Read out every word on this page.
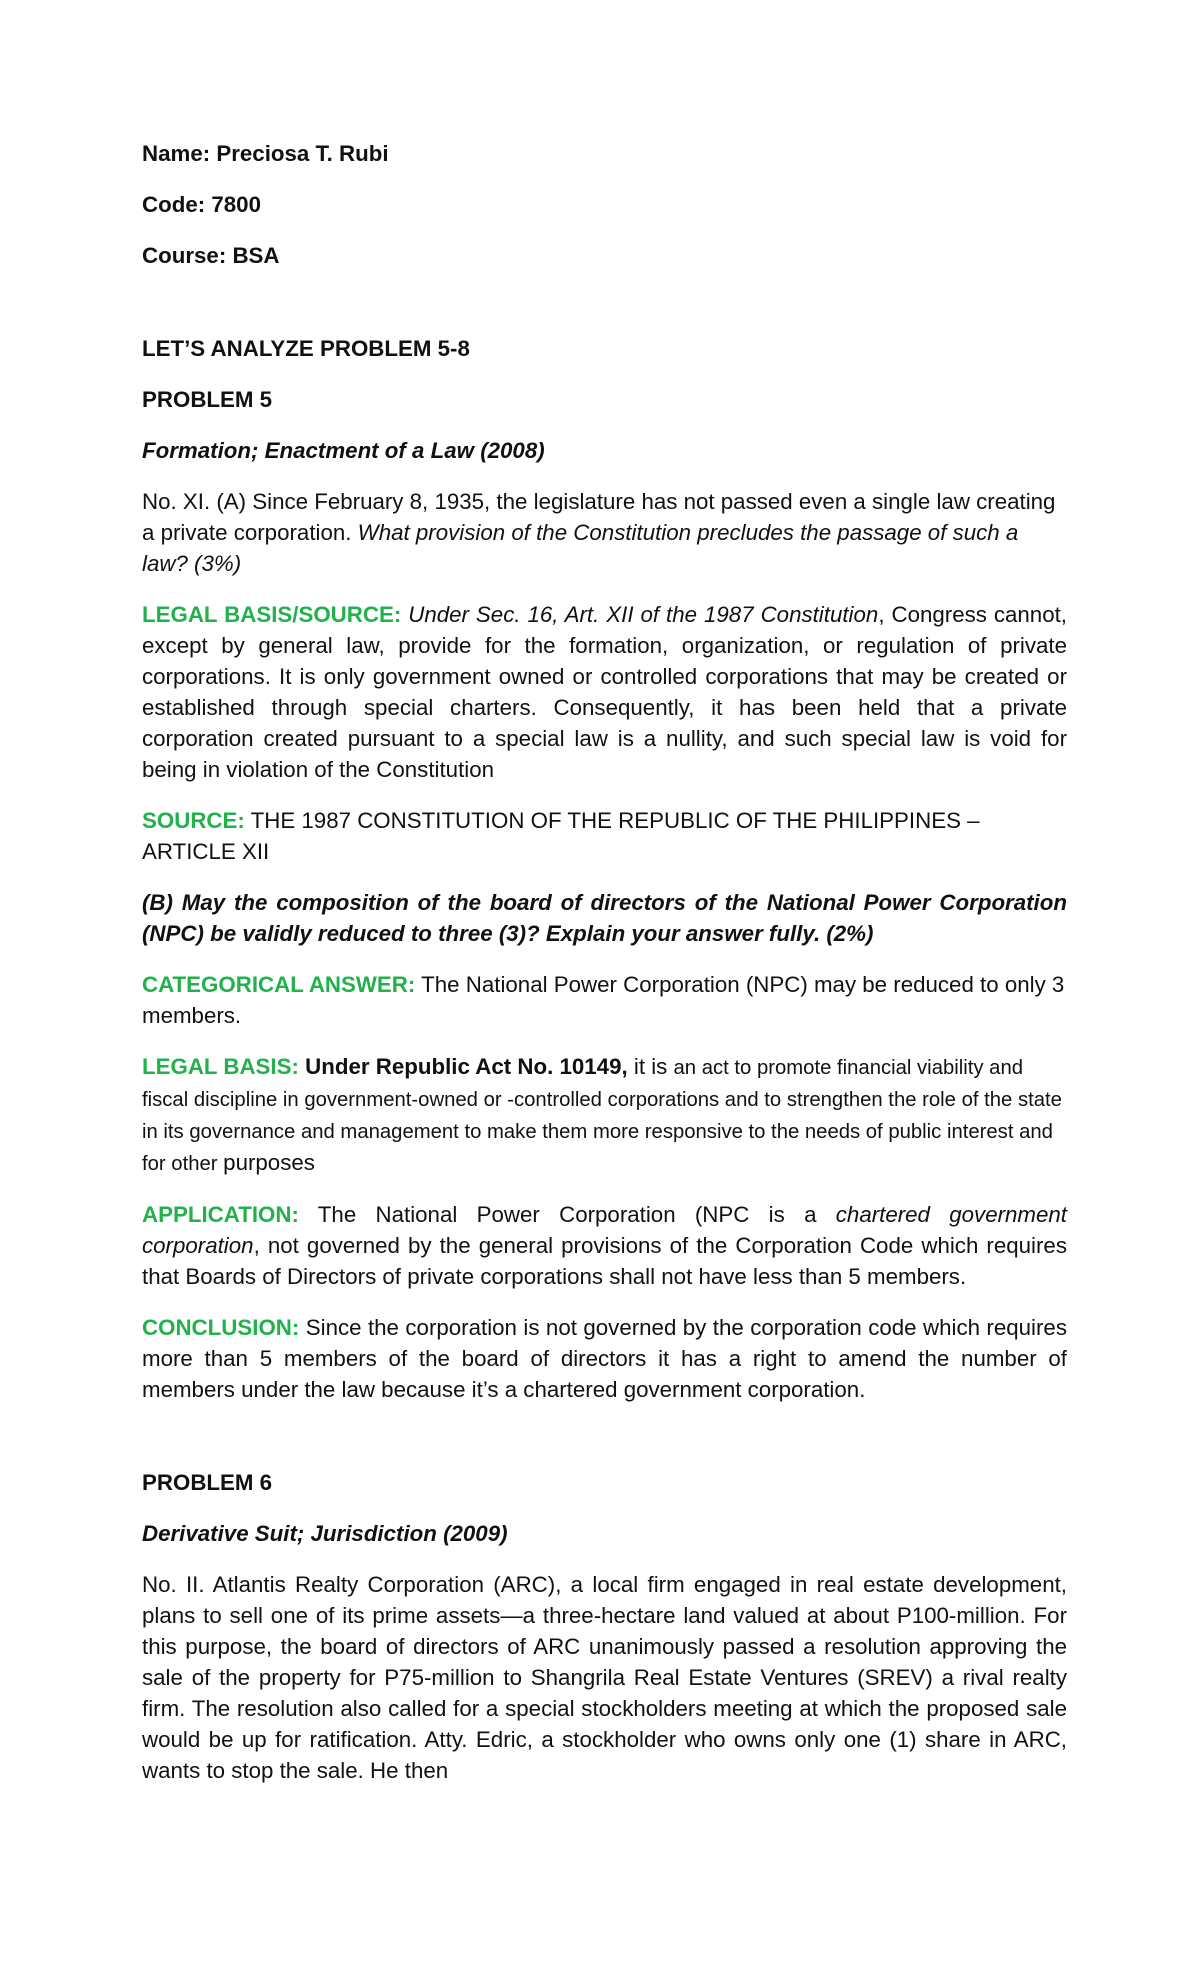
Name: Preciosa T. Rubi

Code: 7800

Course: BSA

LET’S ANALYZE PROBLEM 5-8

PROBLEM 5

Formation; Enactment of a Law (2008)

No. XI. (A) Since February 8, 1935, the legislature has not passed even a single law creating a private corporation. What provision of the Constitution precludes the passage of such a law? (3%)

LEGAL BASIS/SOURCE: Under Sec. 16, Art. XII of the 1987 Constitution, Congress cannot, except by general law, provide for the formation, organization, or regulation of private corporations. It is only government owned or controlled corporations that may be created or established through special charters. Consequently, it has been held that a private corporation created pursuant to a special law is a nullity, and such special law is void for being in violation of the Constitution

SOURCE: THE 1987 CONSTITUTION OF THE REPUBLIC OF THE PHILIPPINES – ARTICLE XII

(B) May the composition of the board of directors of the National Power Corporation (NPC) be validly reduced to three (3)? Explain your answer fully. (2%)

CATEGORICAL ANSWER: The National Power Corporation (NPC) may be reduced to only 3 members.

LEGAL BASIS: Under Republic Act No. 10149, it is an act to promote financial viability and fiscal discipline in government-owned or -controlled corporations and to strengthen the role of the state in its governance and management to make them more responsive to the needs of public interest and for other purposes

APPLICATION: The National Power Corporation (NPC is a chartered government corporation, not governed by the general provisions of the Corporation Code which requires that Boards of Directors of private corporations shall not have less than 5 members.

CONCLUSION: Since the corporation is not governed by the corporation code which requires more than 5 members of the board of directors it has a right to amend the number of members under the law because it’s a chartered government corporation.

PROBLEM 6

Derivative Suit; Jurisdiction (2009)

No. II. Atlantis Realty Corporation (ARC), a local firm engaged in real estate development, plans to sell one of its prime assets—a three-hectare land valued at about P100-million. For this purpose, the board of directors of ARC unanimously passed a resolution approving the sale of the property for P75-million to Shangrila Real Estate Ventures (SREV) a rival realty firm. The resolution also called for a special stockholders meeting at which the proposed sale would be up for ratification. Atty. Edric, a stockholder who owns only one (1) share in ARC, wants to stop the sale. He then
